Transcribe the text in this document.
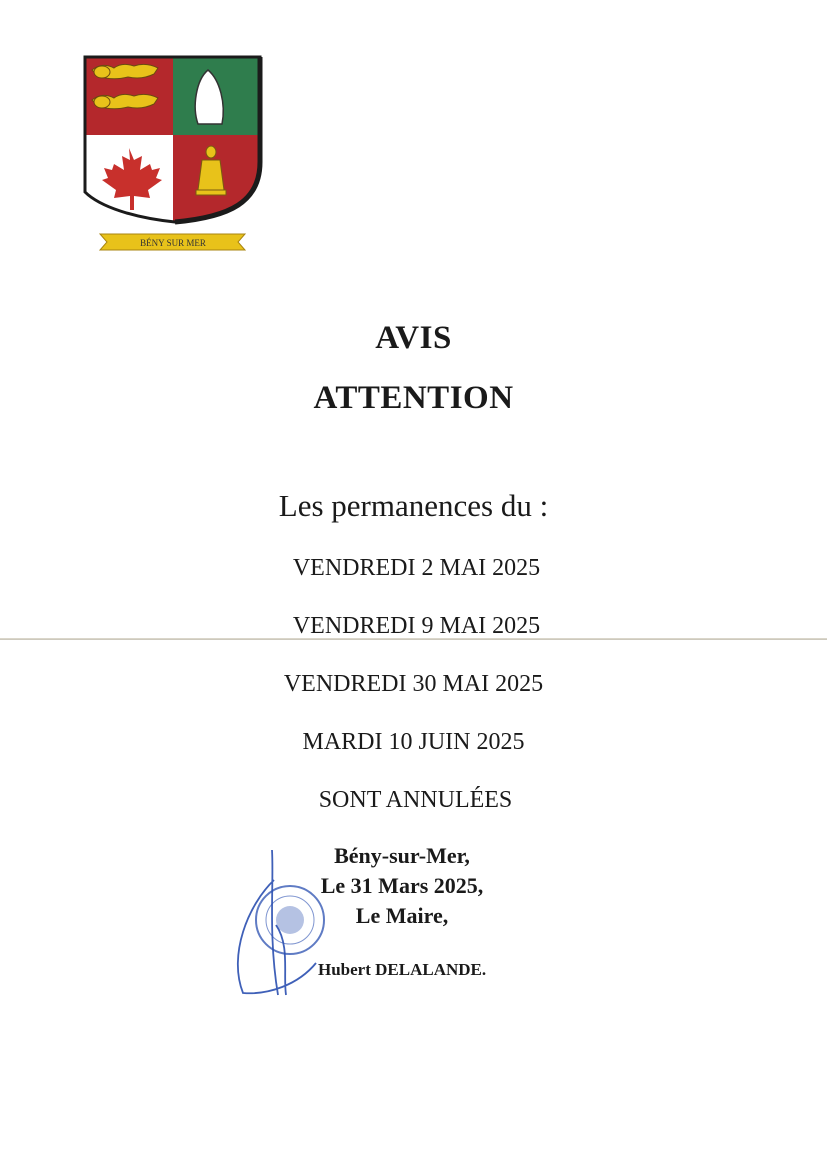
BÉNY SUR MER
AVIS
ATTENTION
Les permanences du :
VENDREDI 2 MAI 2025
VENDREDI 9 MAI 2025
VENDREDI 30 MAI 2025
MARDI 10 JUIN 2025
SONT ANNULÉES
Bény-sur-Mer,
Le 31 Mars 2025,
Le Maire,
Hubert DELALANDE.
